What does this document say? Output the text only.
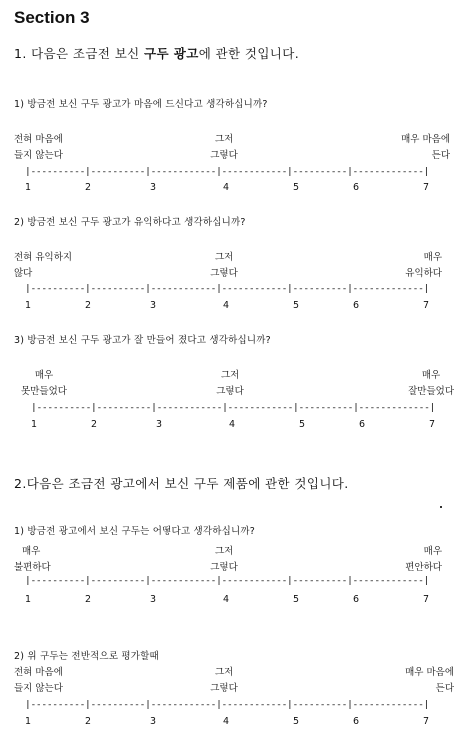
Section 3
1. 다음은 조금전 보신 구두 광고에 관한 것입니다.
1) 방금전 보신 구두 광고가 마음에 드신다고 생각하십니까?
전혀 마음에
들지 않는다
그저
그렇다
매우 마음에
든다
|----------|----------|------------|------------|----------|-------------|
1	2	3	4	5	6	7
2) 방금전 보신 구두 광고가 유익하다고 생각하십니까?
전혀 유익하지
않다
그저
그렇다
매우
유익하다
|----------|----------|------------|------------|----------|-------------|
1	2	3	4	5	6	7
3) 방금전 보신 구두 광고가 잘 만들어 졌다고 생각하십니까?
매우
못만들었다
그저
그렇다
매우
잘만들었다
|----------|----------|------------|------------|----------|-------------|
1	2	3	4	5	6	7
2.다음은 조금전 광고에서 보신 구두 제품에 관한 것입니다.
1) 방금전 광고에서 보신 구두는 어떻다고 생각하십니까?
매우
불편하다
그저
그렇다
매우
편안하다
|----------|----------|------------|------------|----------|-------------|
1	2	3	4	5	6	7
2) 위 구두는 전반적으로 평가할때
전혀 마음에
들지 않는다
그저
그렇다
매우 마음에
든다
|----------|----------|------------|------------|----------|-------------|
1	2	3	4	5	6	7
